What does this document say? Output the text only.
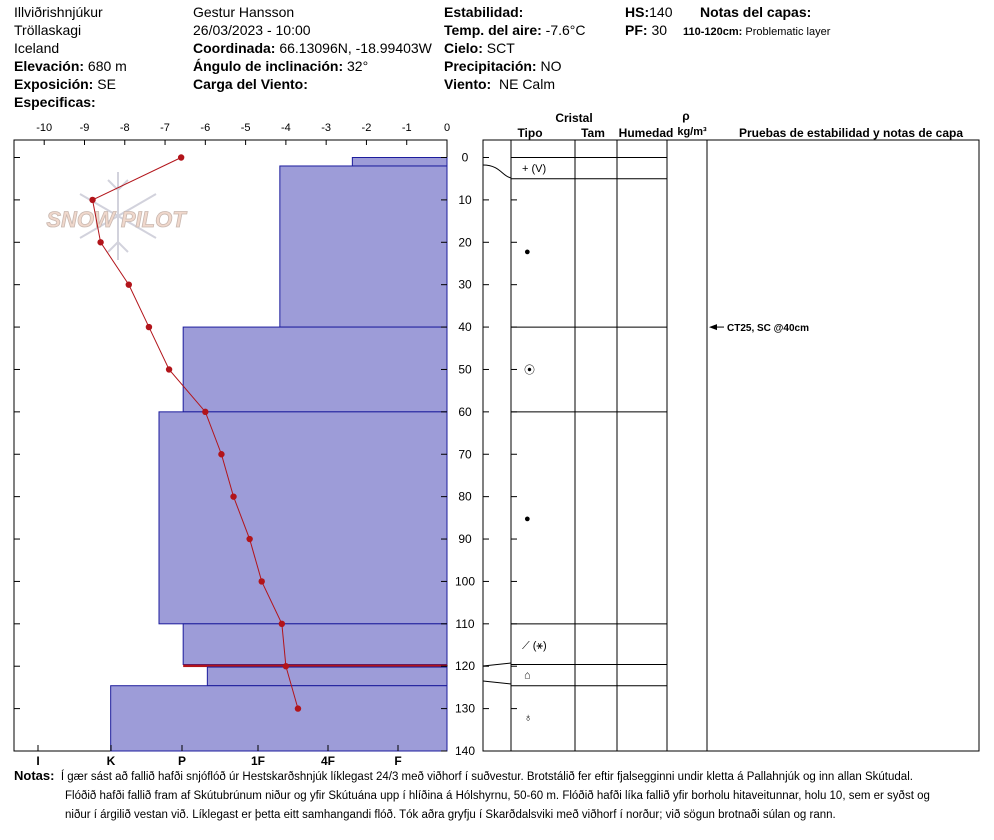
Illviðrishnjúkur
Tröllaskagi
Iceland
Elevación: 680 m
Exposición: SE
Especificas:
Gestur Hansson
26/03/2023 - 10:00
Coordinada: 66.13096N, -18.99403W
Ángulo de inclinación: 32°
Carga del Viento:
Estabilidad:
Temp. del aire: -7.6°C
Cielo: SCT
Precipitación: NO
Viento: NE Calm
HS:140
PF: 30
Notas del capas:
110-120cm: Problematic layer
-10 -9	-8	-7	-6	-5	-4	-3	-2	-1	0
0
10
20
30
40
50
60
70
80
90
100
110
120
130
140
I	K	P	1F	4F	F
SNOW PILOT
Cristal
Tipo	Tam Humedad
ρ
kg/m³	Pruebas de estabilidad y notas de capa
+ (V)
●
⦿
●
⟋ (⚹)
⌂
♁
CT25, SC @40cm
Notas: Í gær sást að fallið hafði snjóflóð úr Hestskarðshnjúk líklegast 24/3 með viðhorf í suðvestur. Brotstálið fer eftir fjalsegginni undir kletta á Pallahnjúk og inn allan Skútudal.
Flóðið hafði fallið fram af Skútubrúnum niður og yfir Skútuána upp í hlíðina á Hólshyrnu, 50-60 m. Flóðið hafði líka fallið yfir borholu hitaveitunnar, holu 10, sem er syðst og
niður í árgilið vestan við. Líklegast er þetta eitt samhangandi flóð. Tók aðra gryfju í Skarðdalsviki með viðhorf í norður; við sögun brotnaði súlan og rann.
